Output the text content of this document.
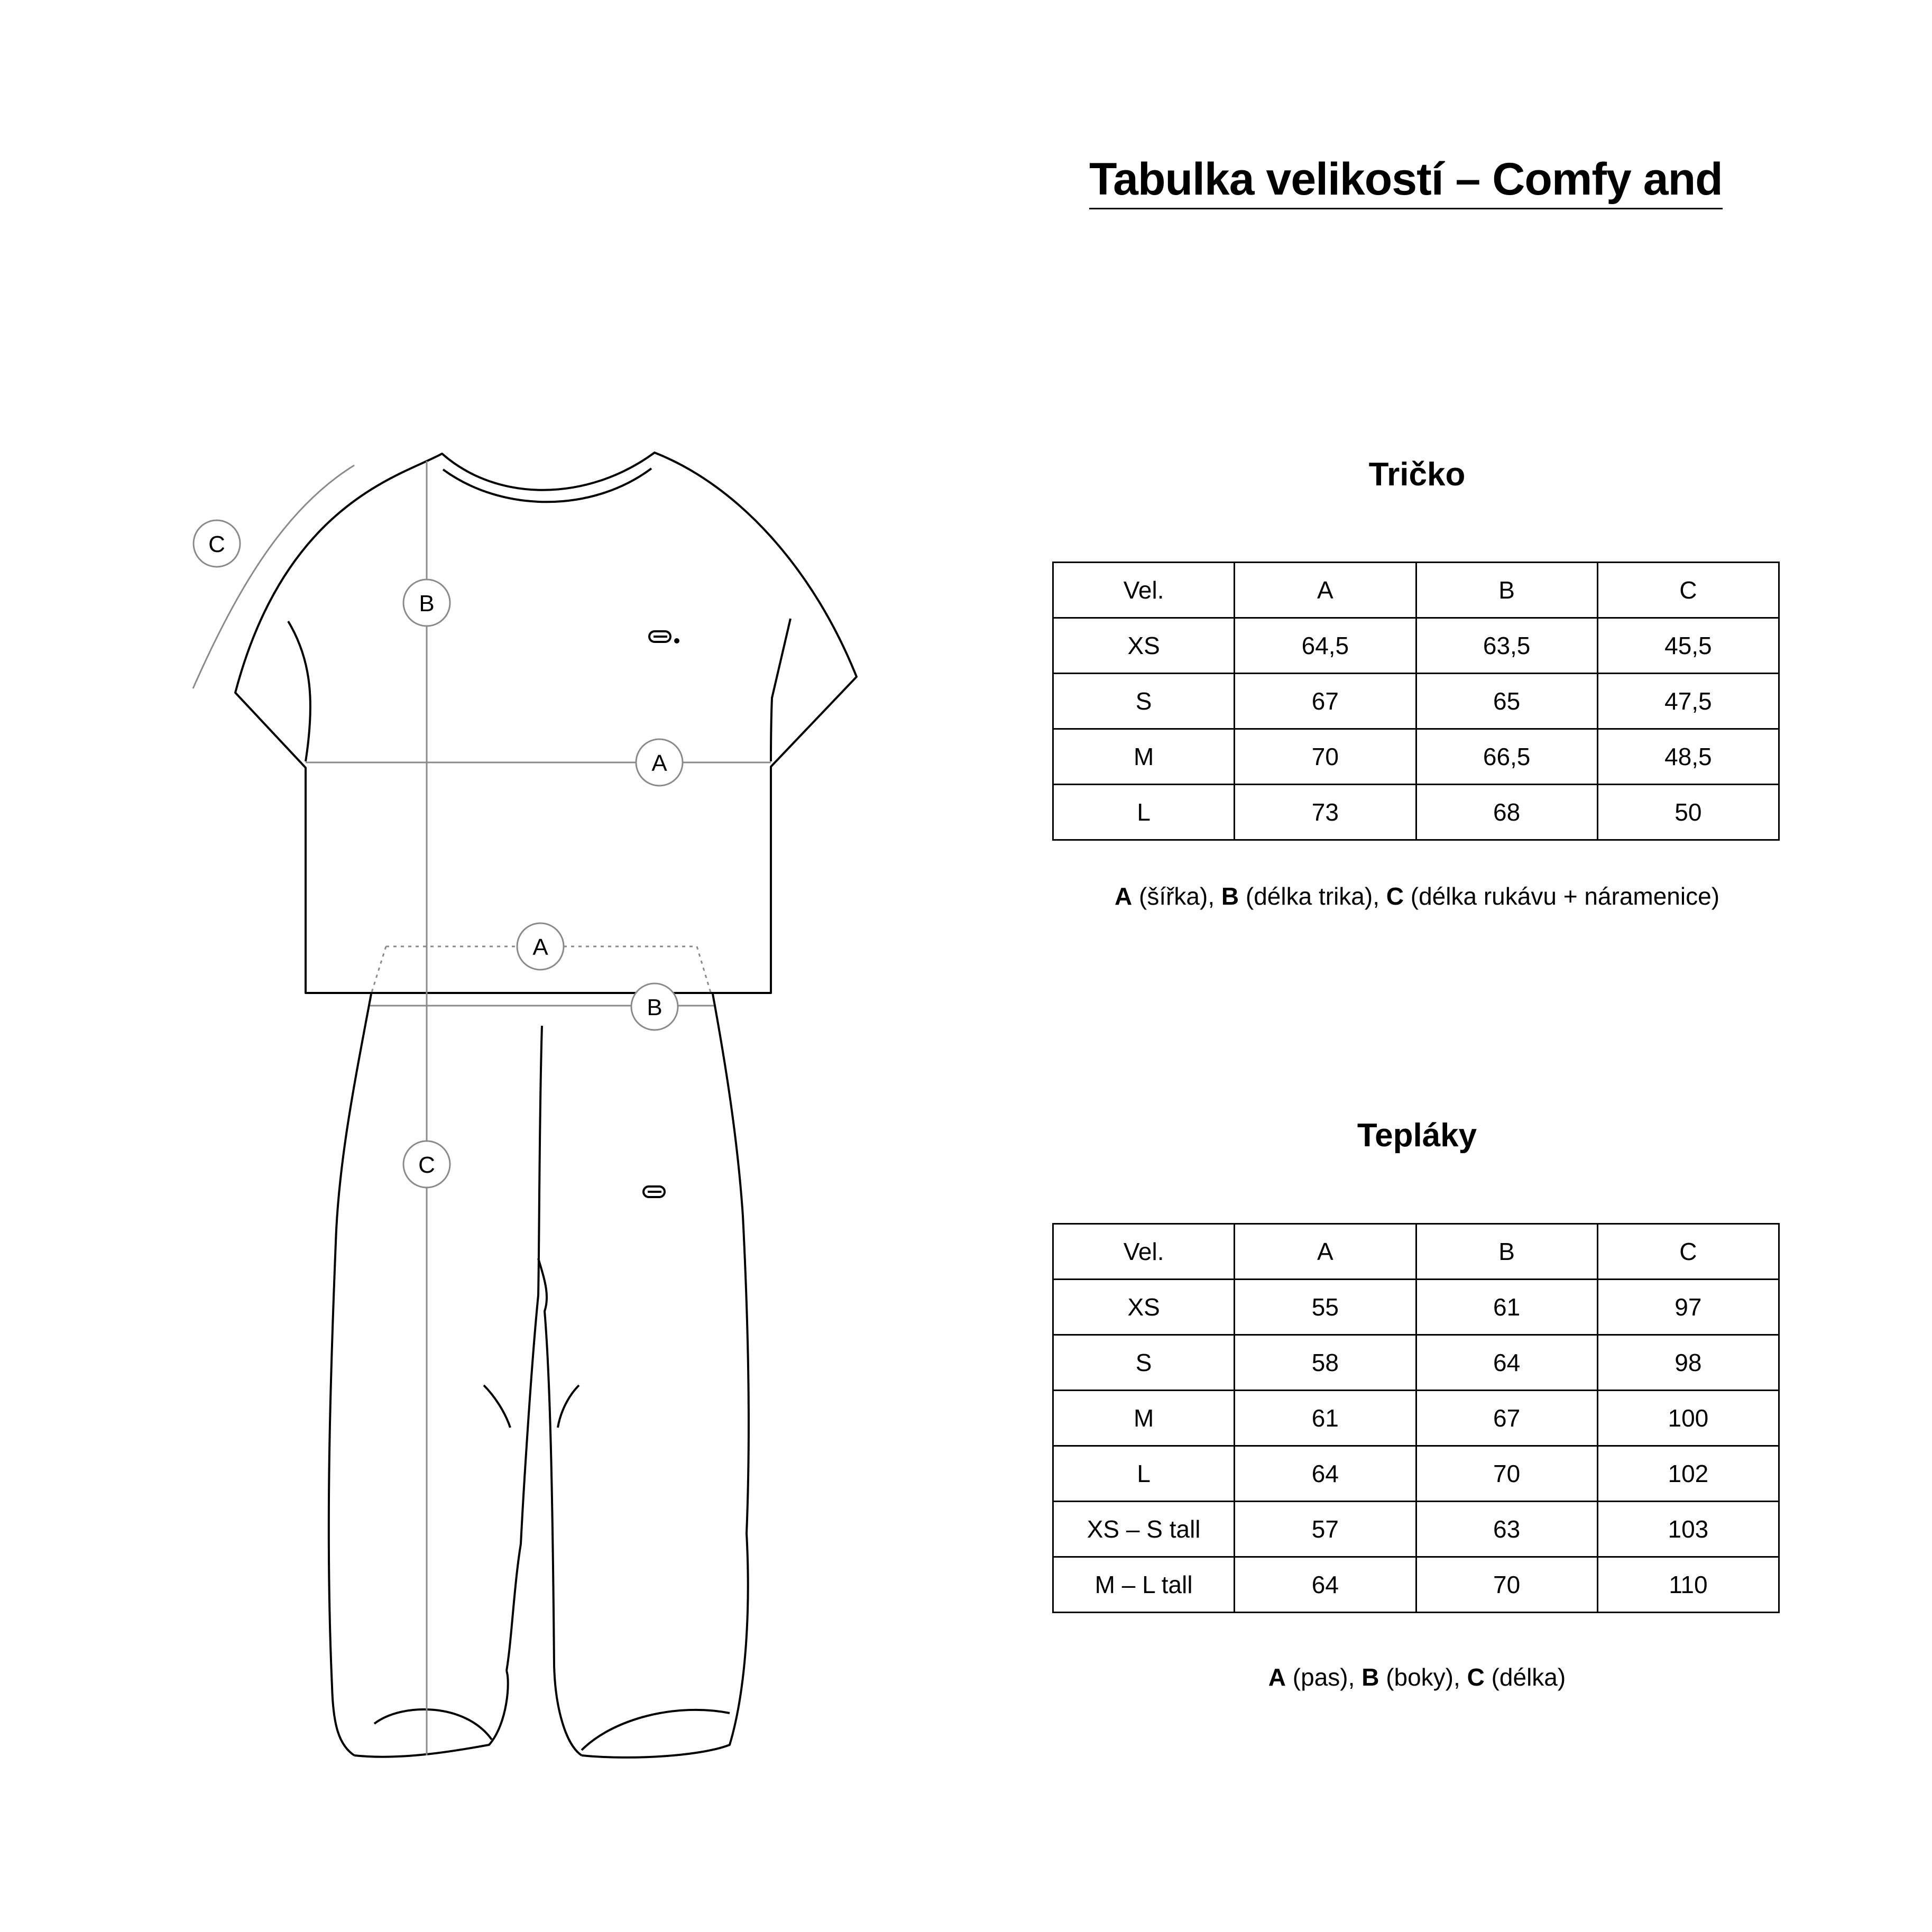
C
B
A
A
B
C
Tabulka velikostí – Comfy and
Tričko
Vel.	A	B	C
XS	64,5	63,5	45,5
S	67	65	47,5
M	70	66,5	48,5
L	73	68	50
A (šířka), B (délka trika), C (délka rukávu + náramenice)
Tepláky
Vel.	A	B	C
XS	55	61	97
S	58	64	98
M	61	67	100
L	64	70	102
XS – S tall	57	63	103
M – L tall	64	70	110
A (pas), B (boky), C (délka)
